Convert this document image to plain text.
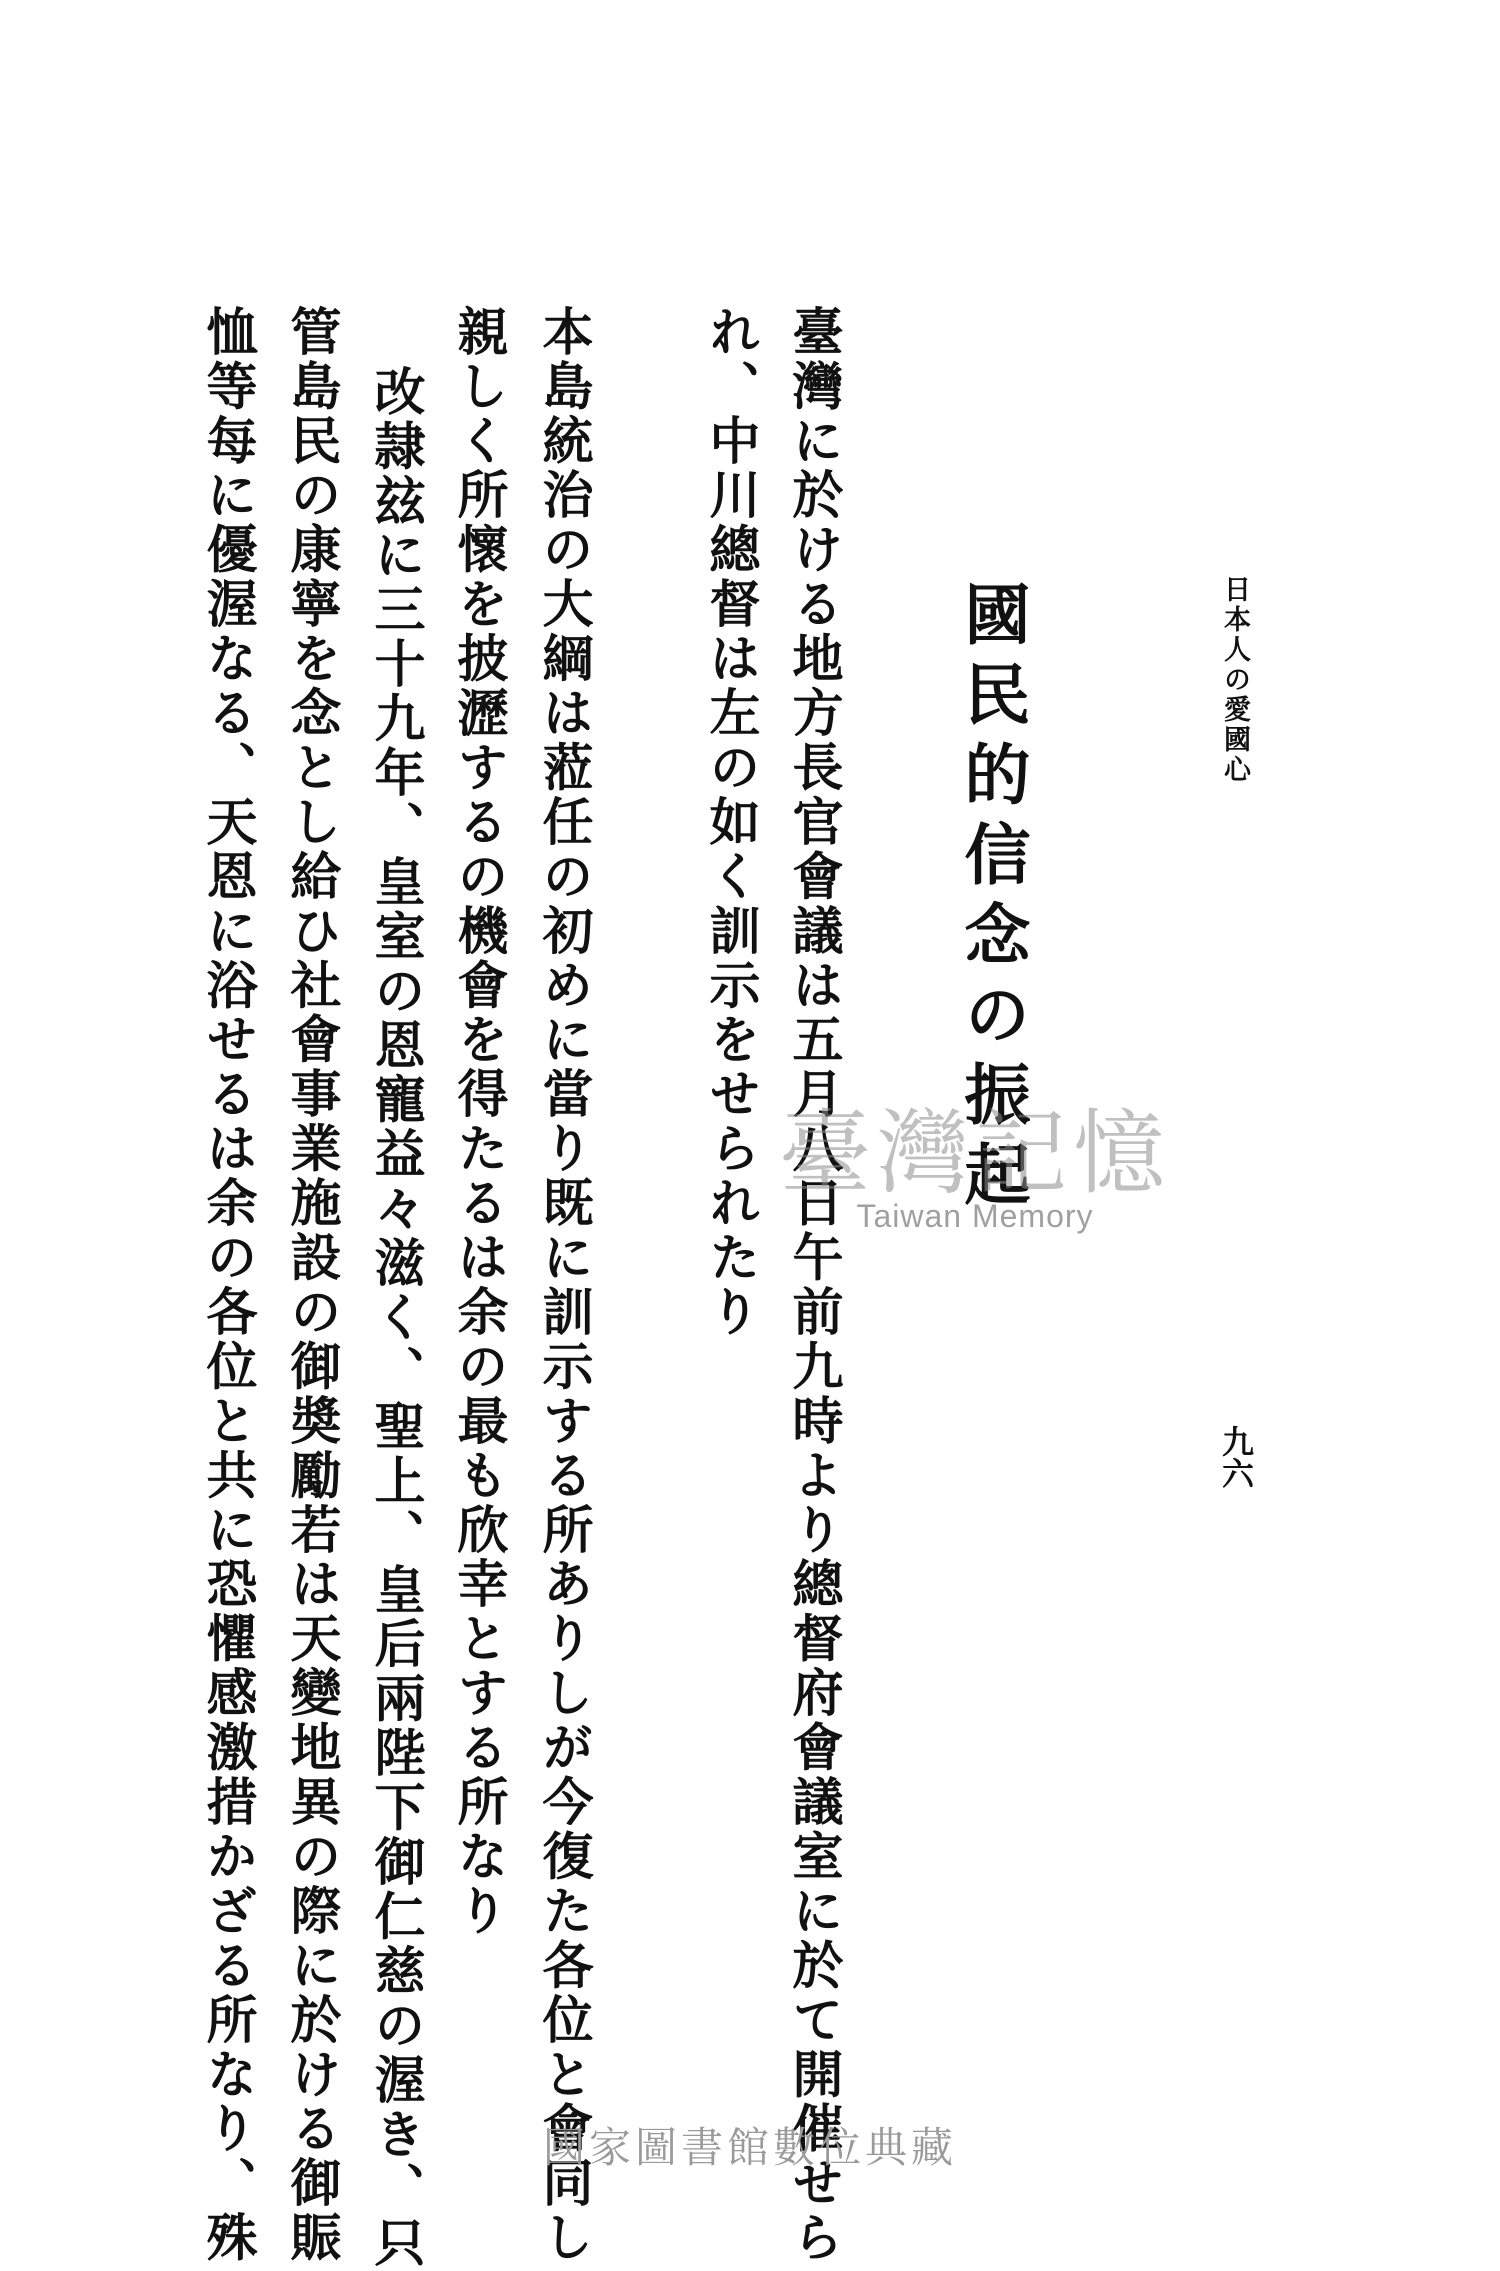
日本人の愛國心
九六
國民的信念の振起
臺灣に於ける地方長官會議は五月八日午前九時より總督府會議室に於て開催せら
れ、中川總督は左の如く訓示をせられたり
本島統治の大綱は蒞任の初めに當り既に訓示する所ありしが今復た各位と會同し
親しく所懷を披瀝するの機會を得たるは余の最も欣幸とする所なり
改隷玆に三十九年、皇室の恩寵益々滋く、聖上、皇后兩陛下御仁慈の渥き、只
管島民の康寧を念とし給ひ社會事業施設の御奬勵若は天變地異の際に於ける御賑
恤等每に優渥なる、天恩に浴せるは余の各位と共に恐懼感激措かざる所なり、殊	臺灣記憶
Taiwan Memory
國家圖書館數位典藏
